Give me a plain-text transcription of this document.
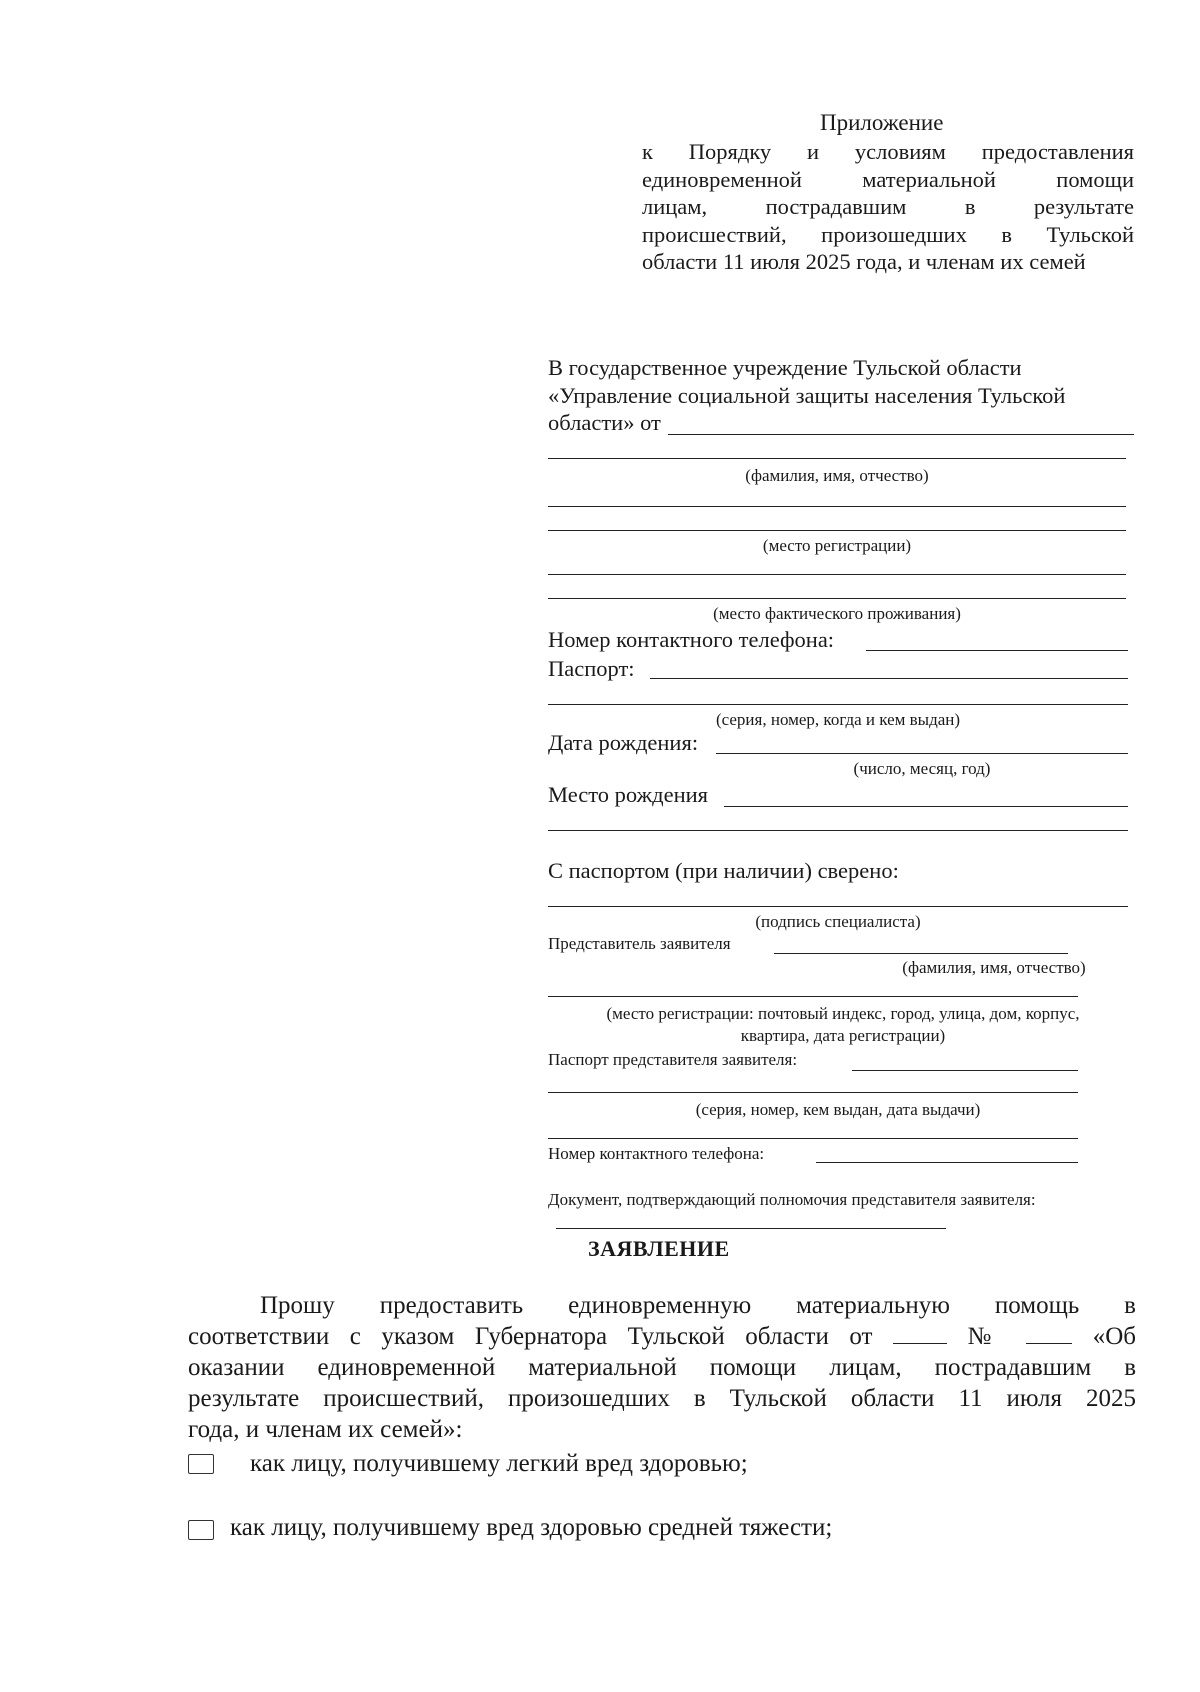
Приложение
к Порядку и условиям предоставления
единовременной материальной помощи
лицам, пострадавшим в результате
происшествий, произошедших в Тульской
области 11 июля 2025 года, и членам их семей
В государственное учреждение Тульской области
«Управление социальной защиты населения Тульской
области» от
(фамилия, имя, отчество)
(место регистрации)
(место фактического проживания)
Номер контактного телефона:
Паспорт:
(серия, номер, когда и кем выдан)
Дата рождения:
(число, месяц, год)
Место рождения
С паспортом (при наличии) сверено:
(подпись специалиста)
Представитель заявителя
(фамилия, имя, отчество)
(место регистрации: почтовый индекс, город, улица, дом, корпус,
квартира, дата регистрации)
Паспорт представителя заявителя:
(серия, номер, кем выдан, дата выдачи)
Номер контактного телефона:
Документ, подтверждающий полномочия представителя заявителя:
ЗАЯВЛЕНИЕ
Прошу предоставить единовременную материальную помощь в
соответствии с указом Губернатора Тульской области от	№	«Об
оказании единовременной материальной помощи лицам, пострадавшим в
результате происшествий, произошедших в Тульской области 11 июля 2025
года, и членам их семей»:
как лицу, получившему легкий вред здоровью;
как лицу, получившему вред здоровью средней тяжести;
